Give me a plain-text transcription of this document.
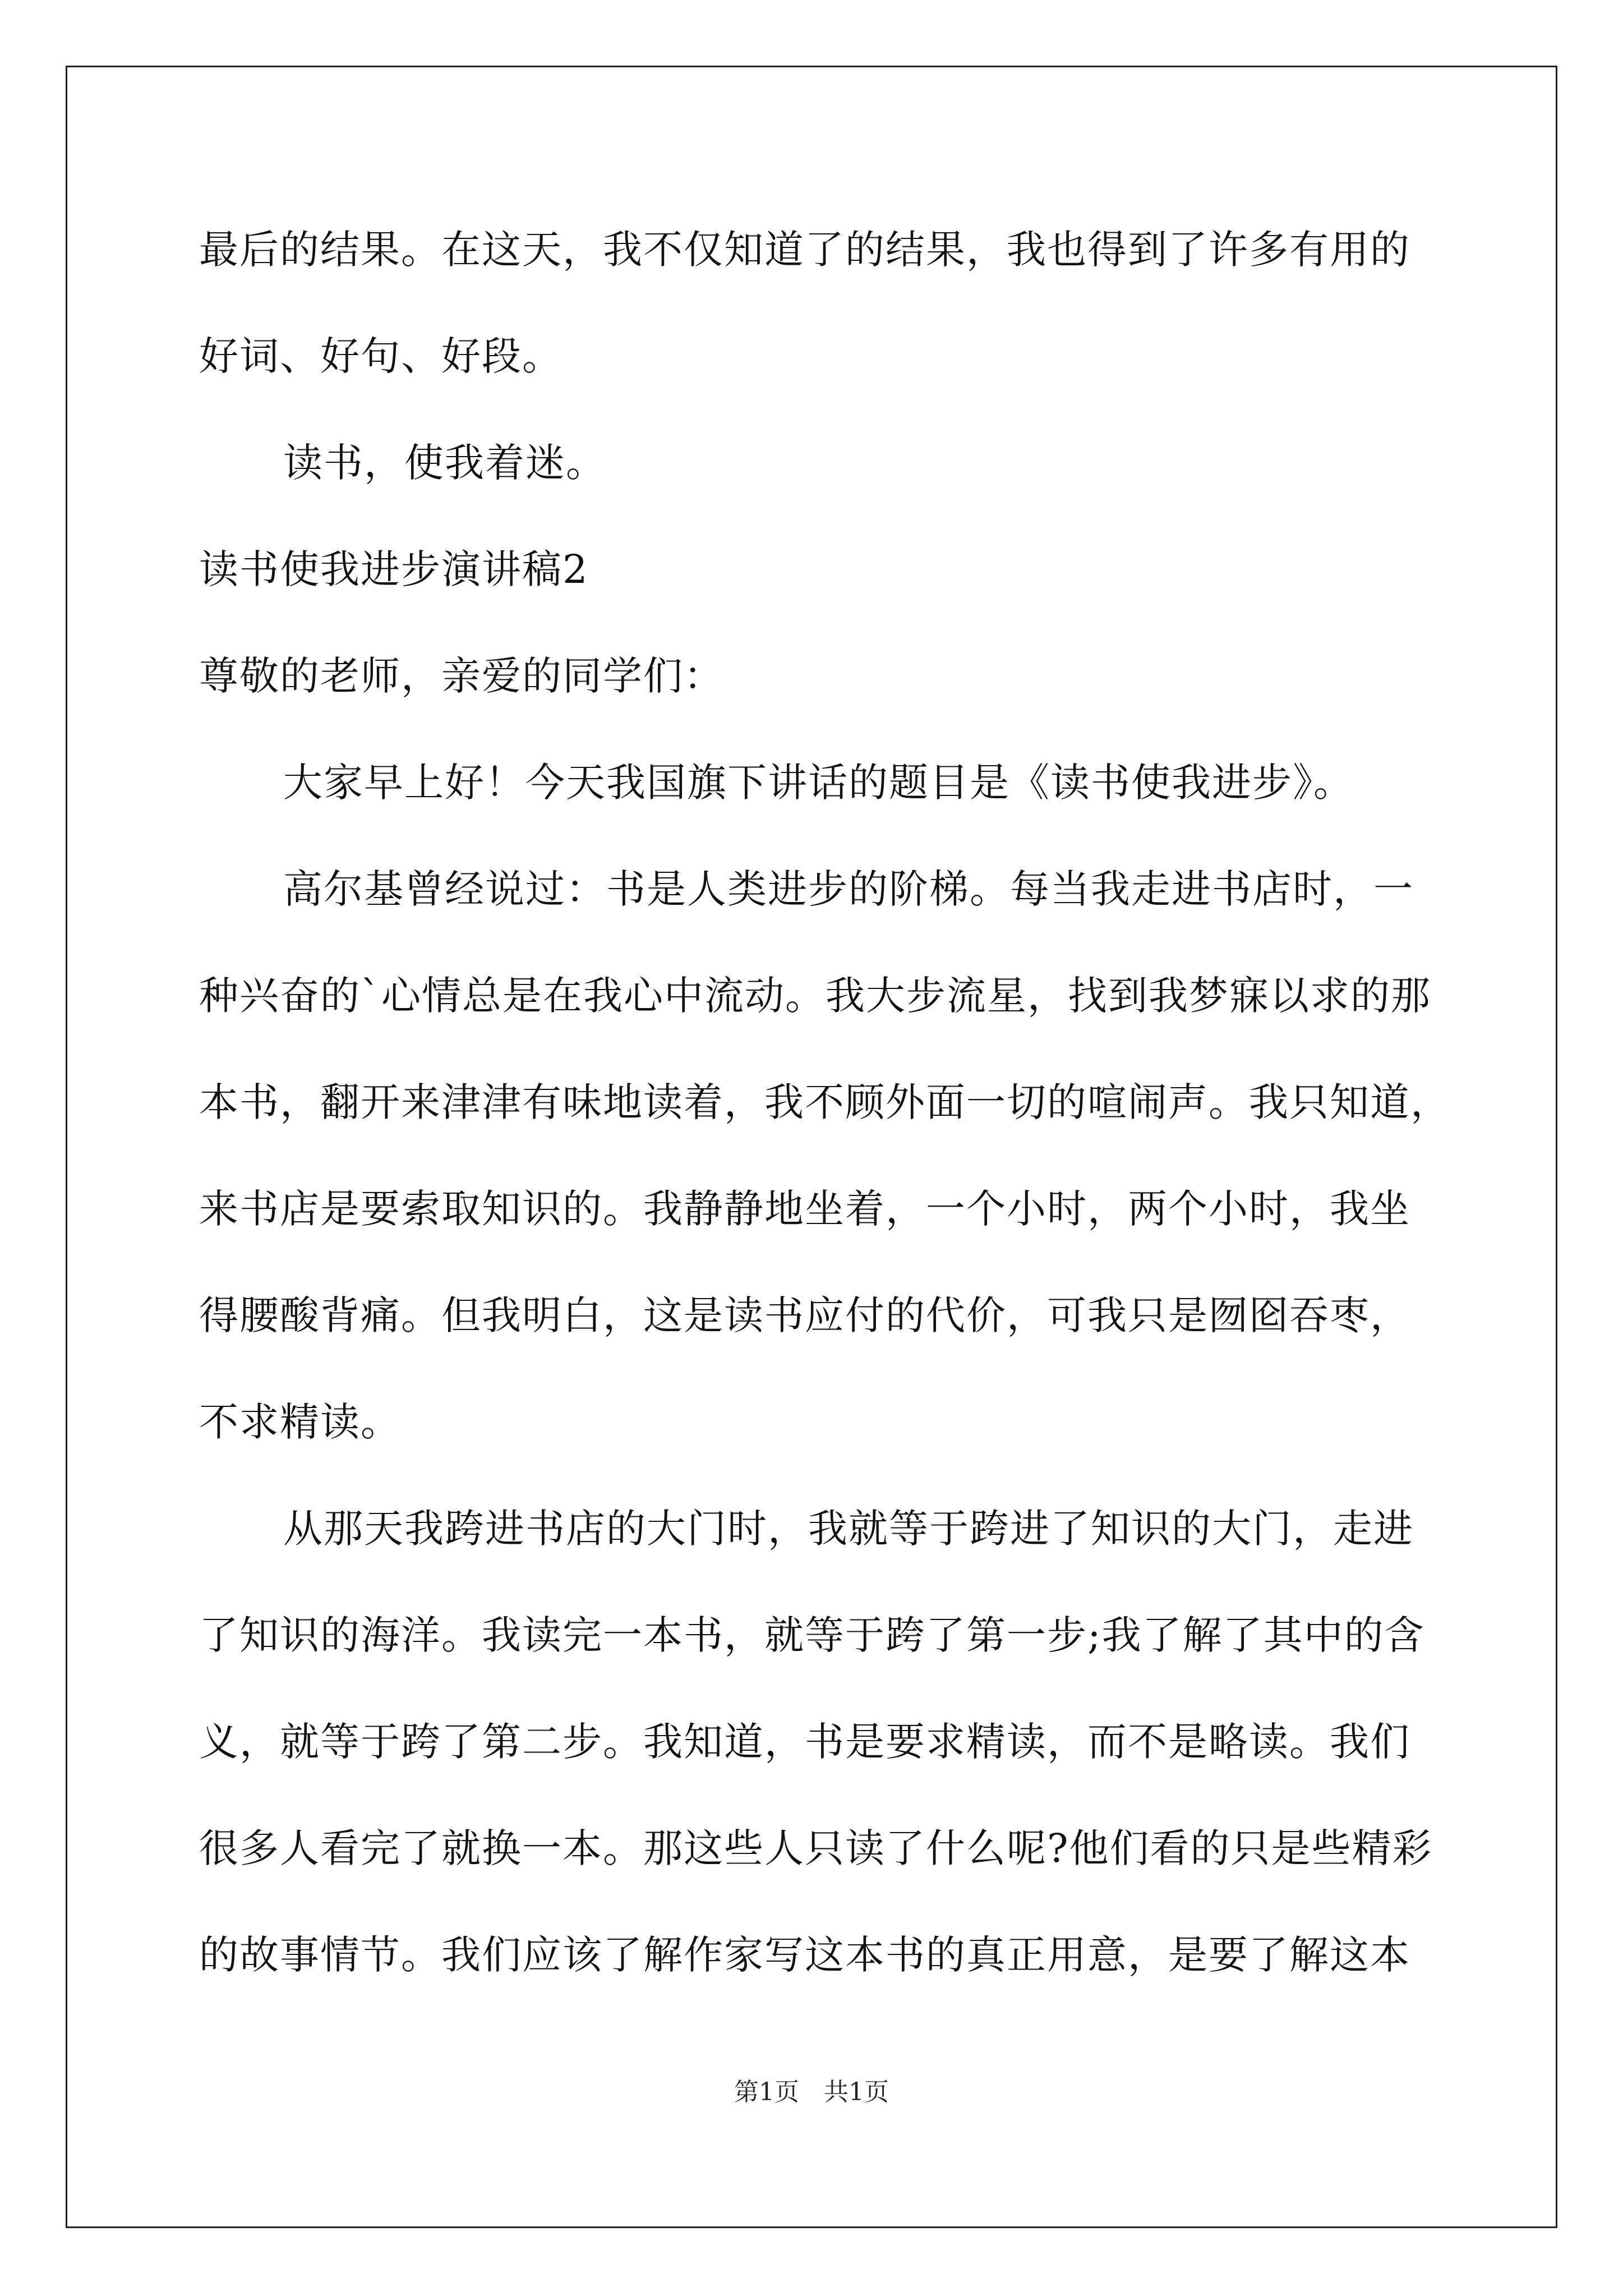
最后的结果。在这天，我不仅知道了的结果，我也得到了许多有用的
好词、好句、好段。
读书，使我着迷。
读书使我进步演讲稿2
尊敬的老师，亲爱的同学们：
大家早上好！今天我国旗下讲话的题目是《读书使我进步》。
高尔基曾经说过：书是人类进步的阶梯。每当我走进书店时，一
种兴奋的`心情总是在我心中流动。我大步流星，找到我梦寐以求的那
本书，翻开来津津有味地读着，我不顾外面一切的喧闹声。我只知道，
来书店是要索取知识的。我静静地坐着，一个小时，两个小时，我坐
得腰酸背痛。但我明白，这是读书应付的代价，可我只是囫囵吞枣，
不求精读。
从那天我跨进书店的大门时，我就等于跨进了知识的大门，走进
了知识的海洋。我读完一本书，就等于跨了第一步;我了解了其中的含
义，就等于跨了第二步。我知道，书是要求精读，而不是略读。我们
很多人看完了就换一本。那这些人只读了什么呢?他们看的只是些精彩
的故事情节。我们应该了解作家写这本书的真正用意，是要了解这本
第1页　共1页
